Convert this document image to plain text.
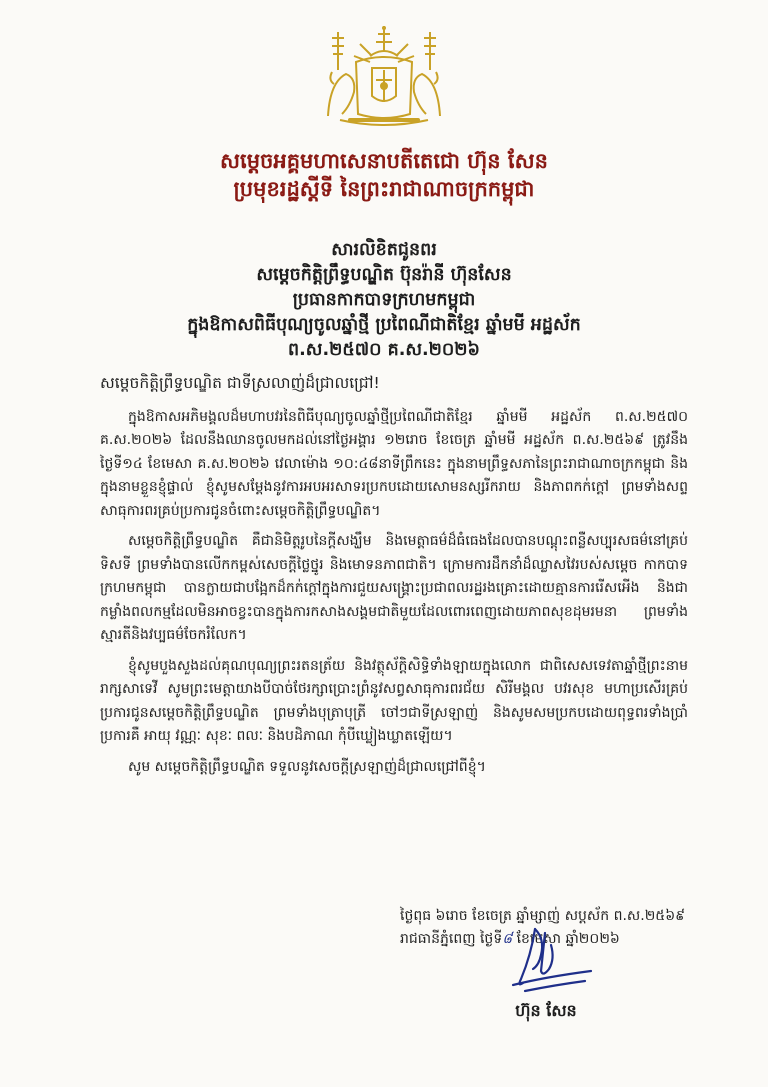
សម្តេចអគ្គមហាសេនាបតីតេជោ ហ៊ុន សែន
ប្រមុខរដ្ឋស្តីទី នៃព្រះរាជាណាចក្រកម្ពុជា
សារលិខិតជូនពរ
សម្តេចកិត្តិព្រឹទ្ធបណ្ឌិត ប៊ុនរ៉ានី ហ៊ុនសែន
ប្រធានកាកបាទក្រហមកម្ពុជា
ក្នុងឱកាសពិធីបុណ្យចូលឆ្នាំថ្មី ប្រពៃណីជាតិខ្មែរ ឆ្នាំមមី អដ្ឋស័ក
ព.ស.២៥៧០ គ.ស.២០២៦

សម្តេចកិត្តិព្រឹទ្ធបណ្ឌិត ជាទីស្រលាញ់ដ៏ជ្រាលជ្រៅ!

ក្នុងឱកាសអភិមង្គលដ៏មហាបវរនៃពិធីបុណ្យចូលឆ្នាំថ្មីប្រពៃណីជាតិខ្មែរ ឆ្នាំមមី អដ្ឋស័ក ព.ស.២៥៧០ គ.ស.២០២៦ ដែលនឹងឈានចូលមកដល់នៅថ្ងៃអង្គារ ១២រោច ខែចេត្រ ឆ្នាំមមី អដ្ឋស័ក ព.ស.២៥៦៩ ត្រូវនឹងថ្ងៃទី១៤ ខែមេសា គ.ស.២០២៦ វេលាម៉ោង ១០:៤៨នាទីព្រឹកនេះ ក្នុងនាមព្រឹទ្ធសភានៃព្រះរាជាណាចក្រកម្ពុជា និងក្នុងនាមខ្លួនខ្ញុំផ្ទាល់ ខ្ញុំសូមសម្តែងនូវការអបអរសាទរប្រកបដោយសោមនស្សរីករាយ និងភាពកក់ក្តៅ ព្រមទាំងសព្ទសាធុការពរគ្រប់ប្រការជូនចំពោះសម្តេចកិត្តិព្រឹទ្ធបណ្ឌិត។

សម្តេចកិត្តិព្រឹទ្ធបណ្ឌិត គឺជានិមិត្តរូបនៃក្តីសង្ឃឹម និងមេត្តាធម៌ដ៏ធំធេងដែលបានបណ្តុះពន្លឺសប្បុរសធម៌នៅគ្រប់ទិសទី ព្រមទាំងបានលើកកម្ពស់សេចក្តីថ្លៃថ្នូរ និងមោទនភាពជាតិ។ ក្រោមការដឹកនាំដ៏ឈ្លាសវៃរបស់សម្តេច កាកបាទក្រហមកម្ពុជា បានក្លាយជាបង្អែកដ៏កក់ក្តៅក្នុងការជួយសង្គ្រោះប្រជាពលរដ្ឋរងគ្រោះដោយគ្មានការរើសអើង និងជាកម្លាំងពលកម្មដែលមិនអាចខ្វះបានក្នុងការកសាងសង្គមជាតិមួយដែលពោរពេញដោយភាពសុខដុមរមនា ព្រមទាំងស្មារតីនិងវប្បធម៌ចែករំលែក។

ខ្ញុំសូមបួងសួងដល់គុណបុណ្យព្រះរតនត្រ័យ និងវត្ថុស័ក្តិសិទ្ធិទាំងឡាយក្នុងលោក ជាពិសេសទេវតាឆ្នាំថ្មីព្រះនាម រាក្សសាទេវី សូមព្រះមេត្តាយាងបីបាច់ថែរក្សាប្រោះព្រំនូវសព្វសាធុការពរជ័យ សិរីមង្គល បវរសុខ មហាប្រសើរគ្រប់ប្រការជូនសម្តេចកិត្តិព្រឹទ្ធបណ្ឌិត ព្រមទាំងបុត្រាបុត្រី ចៅៗជាទីស្រឡាញ់ និងសូមសមប្រកបដោយពុទ្ធពរទាំងប្រាំប្រការគឺ អាយុ វណ្ណៈ សុខៈ ពលៈ និងបដិភាណ កុំបីឃ្លៀងឃ្លាតឡើយ។

សូម សម្តេចកិត្តិព្រឹទ្ធបណ្ឌិត ទទួលនូវសេចក្តីស្រឡាញ់ដ៏ជ្រាលជ្រៅពីខ្ញុំ។

ថ្ងៃពុធ ៦រោច ខែចេត្រ ឆ្នាំម្សាញ់ សប្តស័ក ព.ស.២៥៦៩
រាជធានីភ្នំពេញ ថ្ងៃទី៨ ខែមេសា ឆ្នាំ២០២៦
ហ៊ុន សែន
